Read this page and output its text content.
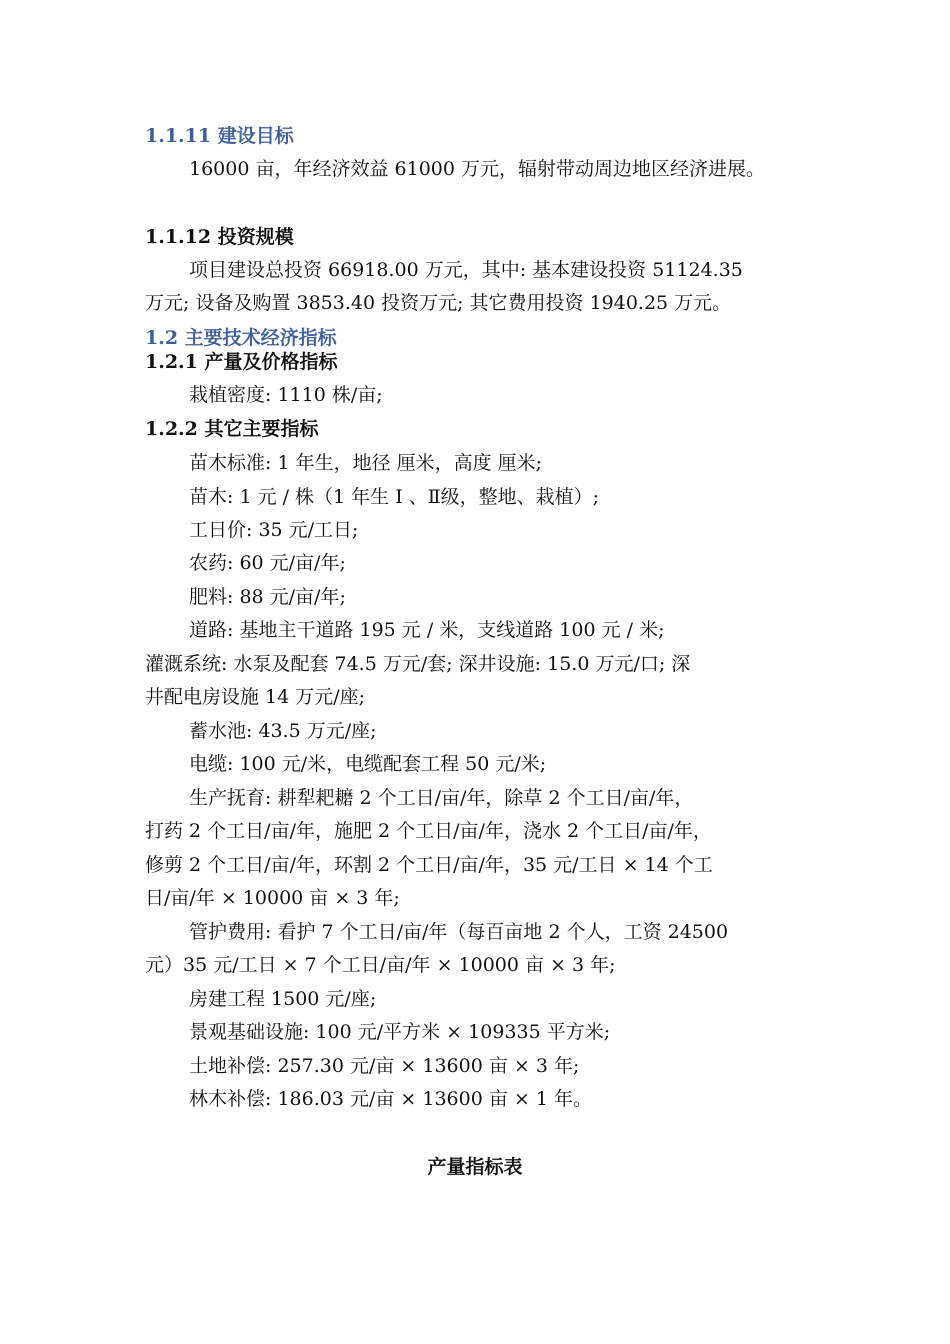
1.1.11 建设目标
16000 亩，年经济效益 61000 万元，辐射带动周边地区经济进展。
1.1.12 投资规模
项目建设总投资 66918.00 万元，其中: 基本建设投资 51124.35
万元; 设备及购置 3853.40 投资万元; 其它费用投资 1940.25 万元。
1.2 主要技术经济指标
1.2.1 产量及价格指标
栽植密度: 1110 株/亩;
1.2.2 其它主要指标
苗木标准: 1 年生，地径 厘米，高度 厘米;
苗木: 1 元 / 株（1 年生 Ⅰ 、Ⅱ级，整地、栽植）;
工日价: 35 元/工日;
农药: 60 元/亩/年;
肥料: 88 元/亩/年;
道路: 基地主干道路 195 元 / 米，支线道路 100 元 / 米;
灌溉系统: 水泵及配套 74.5 万元/套; 深井设施: 15.0 万元/口; 深
井配电房设施 14 万元/座;
蓄水池: 43.5 万元/座;
电缆: 100 元/米，电缆配套工程 50 元/米;
生产抚育: 耕犁耙耱 2 个工日/亩/年，除草 2 个工日/亩/年，
打药 2 个工日/亩/年，施肥 2 个工日/亩/年，浇水 2 个工日/亩/年，
修剪 2 个工日/亩/年，环割 2 个工日/亩/年，35 元/工日 × 14 个工
日/亩/年 × 10000 亩 × 3 年;
管护费用: 看护 7 个工日/亩/年（每百亩地 2 个人，工资 24500
元）35 元/工日 × 7 个工日/亩/年 × 10000 亩 × 3 年;
房建工程 1500 元/座;
景观基础设施: 100 元/平方米 × 109335 平方米;
土地补偿: 257.30 元/亩 × 13600 亩 × 3 年;
林木补偿: 186.03 元/亩 × 13600 亩 × 1 年。
产量指标表
